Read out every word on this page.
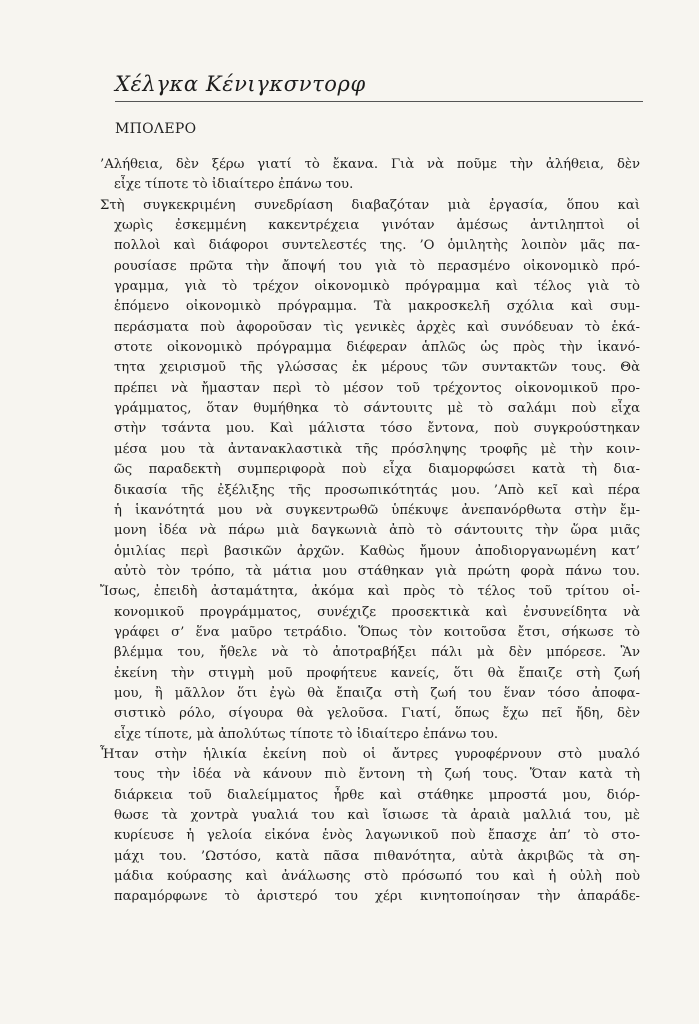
Χέλγκα Κένιγκσντορφ
ΜΠΟΛΕΡΟ
’Αλήθεια, δὲν ξέρω γιατί τὸ ἔκανα. Γιὰ νὰ ποῦμε τὴν ἀλήθεια, δὲν
εἶχε τίποτε τὸ ἰδιαίτερο ἐπάνω του.
Στὴ συγκεκριμένη συνεδρίαση διαβαζόταν μιὰ ἐργασία, ὅπου καὶ
χωρὶς ἐσκεμμένη κακεντρέχεια γινόταν ἀμέσως ἀντιληπτοὶ οἱ
πολλοὶ καὶ διάφοροι συντελεστές της. ’Ο ὁμιλητὴς λοιπὸν μᾶς πα-
ρουσίασε πρῶτα τὴν ἄποψή του γιὰ τὸ περασμένο οἰκονομικὸ πρό-
γραμμα, γιὰ τὸ τρέχον οἰκονομικὸ πρόγραμμα καὶ τέλος γιὰ τὸ
ἑπόμενο οἰκονομικὸ πρόγραμμα. Τὰ μακροσκελῆ σχόλια καὶ συμ-
περάσματα ποὺ ἀφοροῦσαν τὶς γενικὲς ἀρχὲς καὶ συνόδευαν τὸ ἑκά-
στοτε οἰκονομικὸ πρόγραμμα διέφεραν ἁπλῶς ὡς πρὸς τὴν ἱκανό-
τητα χειρισμοῦ τῆς γλώσσας ἐκ μέρους τῶν συντακτῶν τους. Θὰ
πρέπει νὰ ἤμασταν περὶ τὸ μέσον τοῦ τρέχοντος οἰκονομικοῦ προ-
γράμματος, ὅταν θυμήθηκα τὸ σάντουιτς μὲ τὸ σαλάμι ποὺ εἶχα
στὴν τσάντα μου. Καὶ μάλιστα τόσο ἔντονα, ποὺ συγκρούστηκαν
μέσα μου τὰ ἀντανακλαστικὰ τῆς πρόσληψης τροφῆς μὲ τὴν κοιν-
ῶς παραδεκτὴ συμπεριφορὰ ποὺ εἶχα διαμορφώσει κατὰ τὴ δια-
δικασία τῆς ἐξέλιξης τῆς προσωπικότητάς μου. ’Απὸ κεῖ καὶ πέρα
ἡ ἱκανότητά μου νὰ συγκεντρωθῶ ὑπέκυψε ἀνεπανόρθωτα στὴν ἔμ-
μονη ἰδέα νὰ πάρω μιὰ δαγκωνιὰ ἀπὸ τὸ σάντουιτς τὴν ὥρα μιᾶς
ὁμιλίας περὶ βασικῶν ἀρχῶν. Καθὼς ἤμουν ἀποδιοργανωμένη κατ’
αὐτὸ τὸν τρόπο, τὰ μάτια μου στάθηκαν γιὰ πρώτη φορὰ πάνω του.
Ἴσως, ἐπειδὴ ἀσταμάτητα, ἀκόμα καὶ πρὸς τὸ τέλος τοῦ τρίτου οἰ-
κονομικοῦ προγράμματος, συνέχιζε προσεκτικὰ καὶ ἐνσυνείδητα νὰ
γράφει σ’ ἕνα μαῦρο τετράδιο. Ὅπως τὸν κοιτοῦσα ἔτσι, σήκωσε τὸ
βλέμμα του, ἤθελε νὰ τὸ ἀποτραβήξει πάλι μὰ δὲν μπόρεσε. Ἂν
ἐκείνη τὴν στιγμὴ μοῦ προφήτευε κανείς, ὅτι θὰ ἔπαιζε στὴ ζωή
μου, ἢ μᾶλλον ὅτι ἐγὼ θὰ ἔπαιζα στὴ ζωή του ἕναν τόσο ἀποφα-
σιστικὸ ρόλο, σίγουρα θὰ γελοῦσα. Γιατί, ὅπως ἔχω πεῖ ἤδη, δὲν
εἶχε τίποτε, μὰ ἀπολύτως τίποτε τὸ ἰδιαίτερο ἐπάνω του.
Ἦταν στὴν ἡλικία ἐκείνη ποὺ οἱ ἄντρες γυροφέρνουν στὸ μυαλό
τους τὴν ἰδέα νὰ κάνουν πιὸ ἔντονη τὴ ζωή τους. Ὅταν κατὰ τὴ
διάρκεια τοῦ διαλείμματος ἦρθε καὶ στάθηκε μπροστά μου, διόρ-
θωσε τὰ χοντρὰ γυαλιά του καὶ ἴσιωσε τὰ ἀραιὰ μαλλιά του, μὲ
κυρίευσε ἡ γελοία εἰκόνα ἑνὸς λαγωνικοῦ ποὺ ἔπασχε ἀπ’ τὸ στο-
μάχι του. ’Ωστόσο, κατὰ πᾶσα πιθανότητα, αὐτὰ ἀκριβῶς τὰ ση-
μάδια κούρασης καὶ ἀνάλωσης στὸ πρόσωπό του καὶ ἡ οὐλὴ ποὺ
παραμόρφωνε τὸ ἀριστερό του χέρι κινητοποίησαν τὴν ἀπαράδε-
